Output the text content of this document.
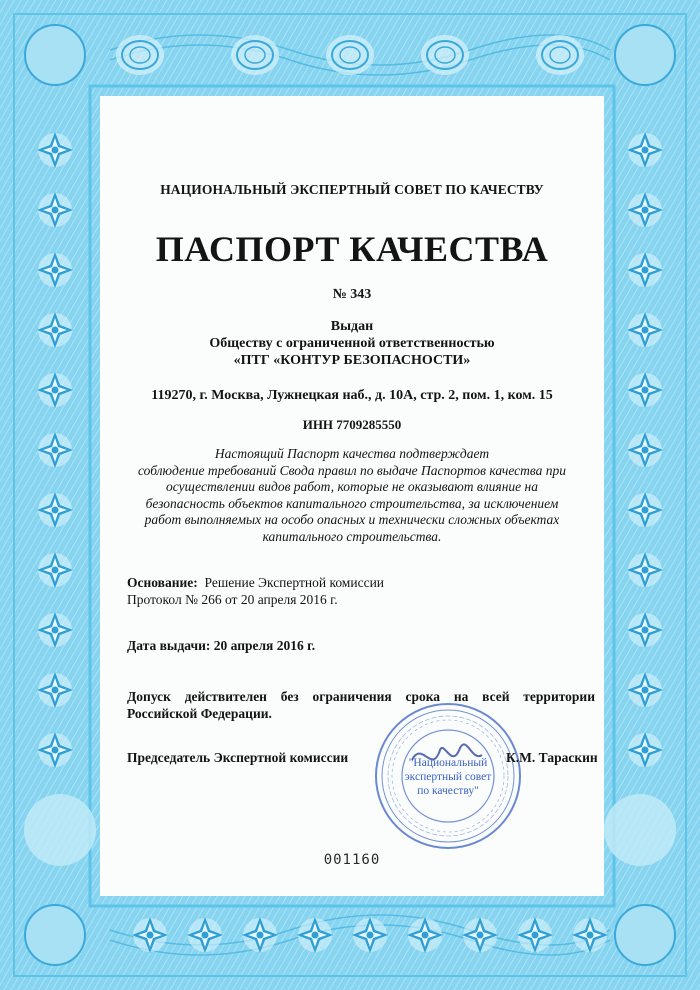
НАЦИОНАЛЬНЫЙ ЭКСПЕРТНЫЙ СОВЕТ ПО КАЧЕСТВУ
ПАСПОРТ КАЧЕСТВА
№ 343
Выдан
Обществу с ограниченной ответственностью
«ПТГ «КОНТУР БЕЗОПАСНОСТИ»
119270, г. Москва, Лужнецкая наб., д. 10А, стр. 2, пом. 1, ком. 15
ИНН 7709285550
Настоящий Паспорт качества подтверждает
соблюдение требований Свода правил по выдаче Паспортов качества при
осуществлении видов работ, которые не оказывают влияние на
безопасность объектов капитального строительства, за исключением
работ выполняемых на особо опасных и технически сложных объектах
капитального строительства.
Основание: Решение Экспертной комиссии
Протокол № 266 от 20 апреля 2016 г.
Дата выдачи: 20 апреля 2016 г.
Допуск действителен без ограничения срока на всей территории Российской Федерации.
Председатель Экспертной комиссии	"Национальный
экспертный совет
по качеству"
К.М. Тараскин
001160
